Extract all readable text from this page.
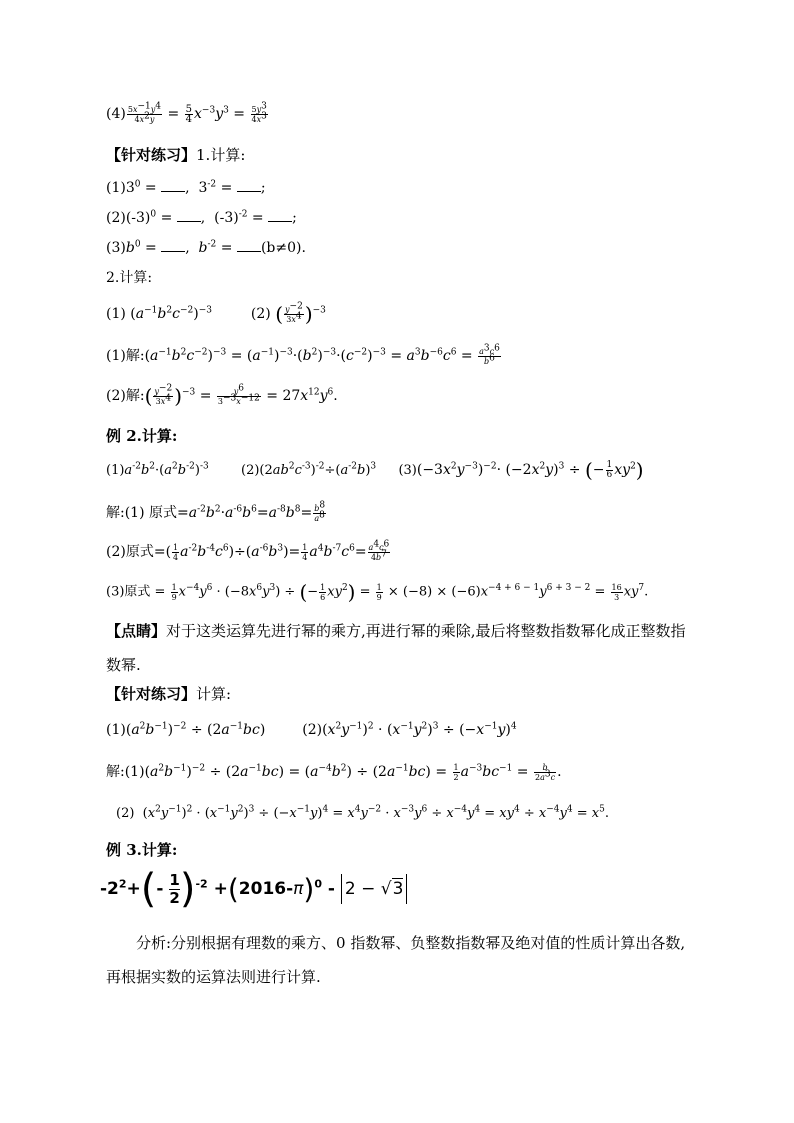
$(4) \frac{5x^{-1}y^4}{4x^2y} = \frac{5}{4} x^{-3}y^3 = \frac{5y^3}{4x^3}$
【针对练习】1.计算:
$(1)3^0$ = ,  $3^{-2}$ = ;
$(2)(-3)^0$ = ,  $(-3)^{-2}$ = ;
$(3)b^0$ = ,  $b^{-2} = (b\ne 0)$.
2.计算:
(1) $(a^{-1}b^2c^{-2})^{-3}$	(2) ( $\frac{y^{-2}}{3x^4} )^{-3}$
(1)解$:(a^{-1}b^2c^{-2})^{-3} = (a^{-1})^{-3}\cdot(b^2)^{-3}\cdot(c^{-2})^{-3} = a^3b^{-6}c^6 = \frac{a^3c^6}{b^6}$
(2)解:( $\frac{y^{-2}}{3x^4} )^{-3} = \frac{y^6}{3^{-3}x^{-12}} = 27x^{12}y^6$.
例 2.计算:
$(1)a^{-2}b^2\cdot(a^2b^{-2})^{-3}$ $(2)(2ab^2c^{-3})^{-2}\div(a^{-2}b)^3$ $(3)(-3x^2y^{-3})^{-2}\cdot (-2x^2y)^3$ ÷ (− $\frac{1}{6} xy^2$)
解:(1) 原式$=a^{-2}b^2\cdot a^{-6}b^6=a^{-8}b^8= \frac{b^8}{a^8}$
(2)原式=( $\frac{1}{4} a^{-2}b^{-4}c^6)\div(a^{-6}b^3)= \frac{1}{4} a^4b^{-7}c^6= \frac{a^4c^6}{4b^7}$
(3)原式 = $\frac{1}{9} x^{-4}y^6 \cdot (-8x^6y^3)$ ÷ (− $\frac{1}{6} xy^2) = \frac{1}{9} \times (-8) \times (-6)x^{-4 + 6 - 1}y^{6 + 3 - 2} = \frac{16}{3} xy^7$.
【点睛】对于这类运算先进行幂的乘方,再进行幂的乘除,最后将整数指数幂化成正整数指数幂.
【针对练习】计算:
$(1)(a^2b^{-1})^{-2} \div (2a^{-1}bc) (2)(x^2y^{-1})^2 \cdot (x^{-1}y^2)^3 \div (-x^{-1}y)^4$
解$:(1)(a^2b^{-1})^{-2} \div (2a^{-1}bc) = (a^{-4}b^2) \div (2a^{-1}bc) = \frac{1}{2} a^{-3}bc^{-1} = \frac{b}{2a^3c}$ .
(2)  $(x^2y^{-1})^2 \cdot (x^{-1}y^2)^3 \div (-x^{-1}y)^4 = x^4y^{-2} \cdot x^{-3}y^6 \div x^{-4}y^4 = xy^4 \div x^{-4}y^4 = x^5$.
例 3.计算:
$-2^2+(- \frac{1}{2} )^{-2} +(2016-\pi)^0 - 2 - √3$
分析:分别根据有理数的乘方、0 指数幂、负整数指数幂及绝对值的性质计算出各数,再根据实数的运算法则进行计算.
